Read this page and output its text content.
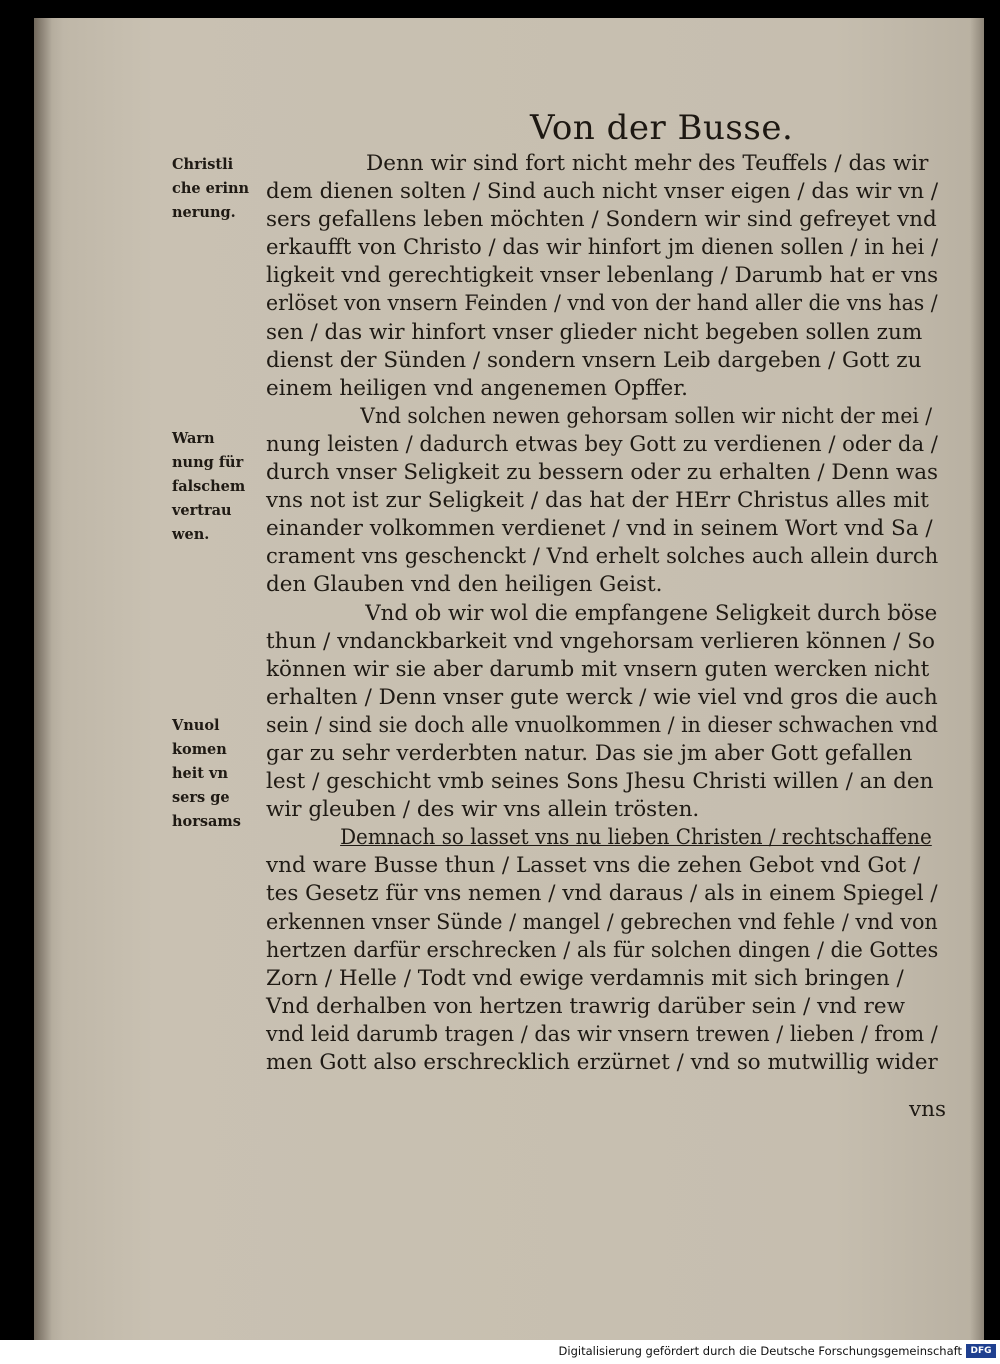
Von der Busse.
Christli
che erinn
nerung.
Warn
nung für
falschem
vertrau
wen.
Vnuol
komen
heit vn
sers ge
horsams
Denn wir sind fort nicht mehr des Teuffels / das wir
dem dienen solten / Sind auch nicht vnser eigen / das wir vn /
sers gefallens leben möchten / Sondern wir sind gefreyet vnd
erkaufft von Christo / das wir hinfort jm dienen sollen / in hei /
ligkeit vnd gerechtigkeit vnser lebenlang / Darumb hat er vns
erlöset von vnsern Feinden / vnd von der hand aller die vns has /
sen / das wir hinfort vnser glieder nicht begeben sollen zum
dienst der Sünden / sondern vnsern Leib dargeben / Gott zu
einem heiligen vnd angenemen Opffer.
Vnd solchen newen gehorsam sollen wir nicht der mei /
nung leisten / dadurch etwas bey Gott zu verdienen / oder da /
durch vnser Seligkeit zu bessern oder zu erhalten / Denn was
vns not ist zur Seligkeit / das hat der HErr Christus alles mit
einander volkommen verdienet / vnd in seinem Wort vnd Sa /
crament vns geschenckt / Vnd erhelt solches auch allein durch
den Glauben vnd den heiligen Geist.
Vnd ob wir wol die empfangene Seligkeit durch böse
thun / vndanckbarkeit vnd vngehorsam verlieren können / So
können wir sie aber darumb mit vnsern guten wercken nicht
erhalten / Denn vnser gute werck / wie viel vnd gros die auch
sein / sind sie doch alle vnuolkommen / in dieser schwachen vnd
gar zu sehr verderbten natur. Das sie jm aber Gott gefallen
lest / geschicht vmb seines Sons Jhesu Christi willen / an den
wir gleuben / des wir vns allein trösten.
Demnach so lasset vns nu lieben Christen / rechtschaffene
vnd ware Busse thun / Lasset vns die zehen Gebot vnd Got /
tes Gesetz für vns nemen / vnd daraus / als in einem Spiegel /
erkennen vnser Sünde / mangel / gebrechen vnd fehle / vnd von
hertzen darfür erschrecken / als für solchen dingen / die Gottes
Zorn / Helle / Todt vnd ewige verdamnis mit sich bringen /
Vnd derhalben von hertzen trawrig darüber sein / vnd rew
vnd leid darumb tragen / das wir vnsern trewen / lieben / from /
men Gott also erschrecklich erzürnet / vnd so mutwillig wider
vns
Digitalisierung gefördert durch die Deutsche Forschungsgemeinschaft DFG
